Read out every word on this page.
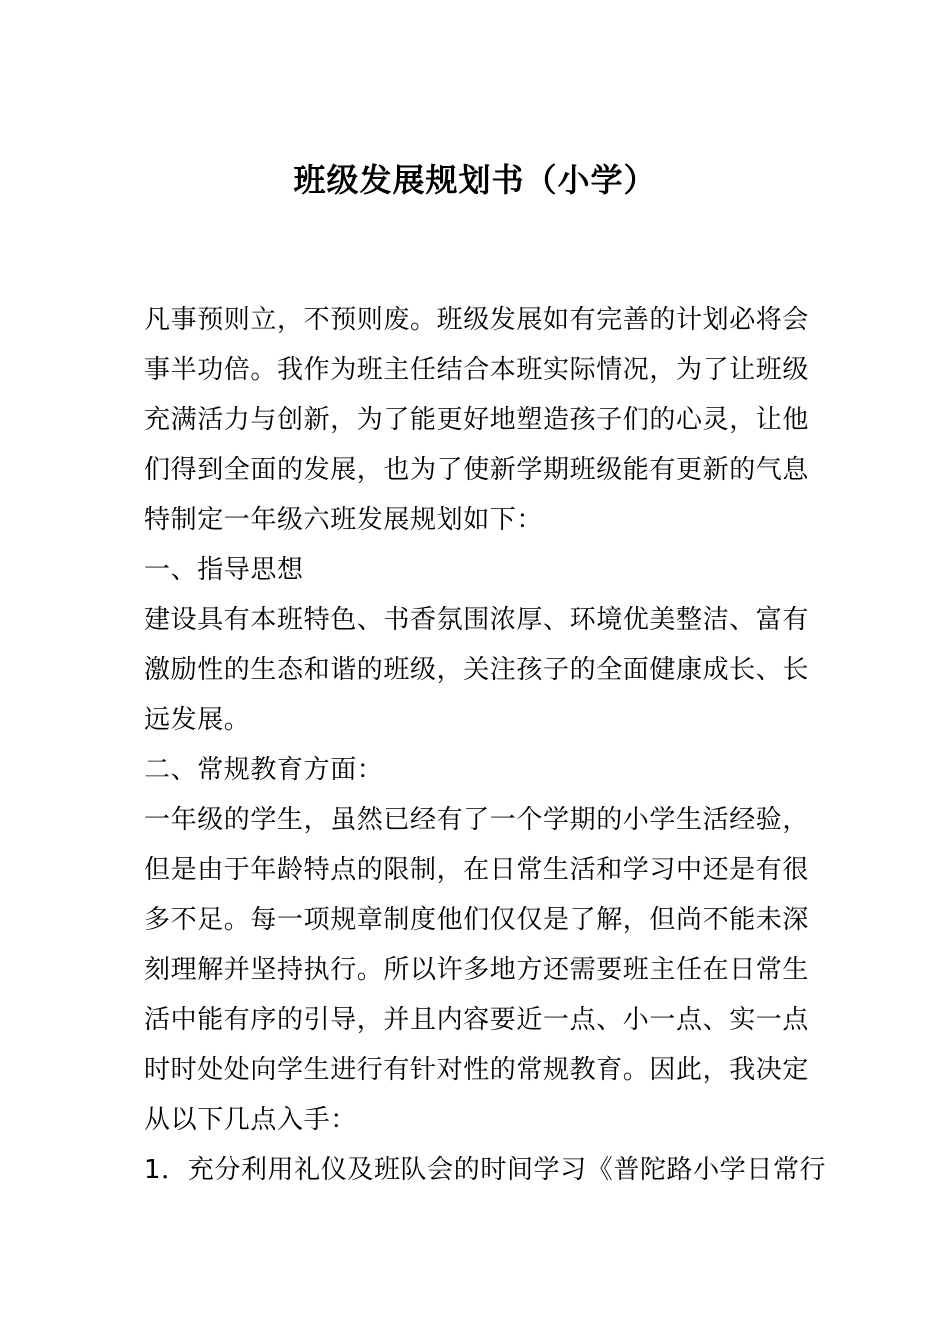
班级发展规划书（小学）
凡事预则立，不预则废。班级发展如有完善的计划必将会
事半功倍。我作为班主任结合本班实际情况，为了让班级
充满活力与创新，为了能更好地塑造孩子们的心灵，让他
们得到全面的发展，也为了使新学期班级能有更新的气息
特制定一年级六班发展规划如下：
一、指导思想
建设具有本班特色、书香氛围浓厚、环境优美整洁、富有
激励性的生态和谐的班级，关注孩子的全面健康成长、长
远发展。
二、常规教育方面：
一年级的学生，虽然已经有了一个学期的小学生活经验，
但是由于年龄特点的限制，在日常生活和学习中还是有很
多不足。每一项规章制度他们仅仅是了解，但尚不能未深
刻理解并坚持执行。所以许多地方还需要班主任在日常生
活中能有序的引导，并且内容要近一点、小一点、实一点
时时处处向学生进行有针对性的常规教育。因此，我决定
从以下几点入手：
1．充分利用礼仪及班队会的时间学习《普陀路小学日常行
